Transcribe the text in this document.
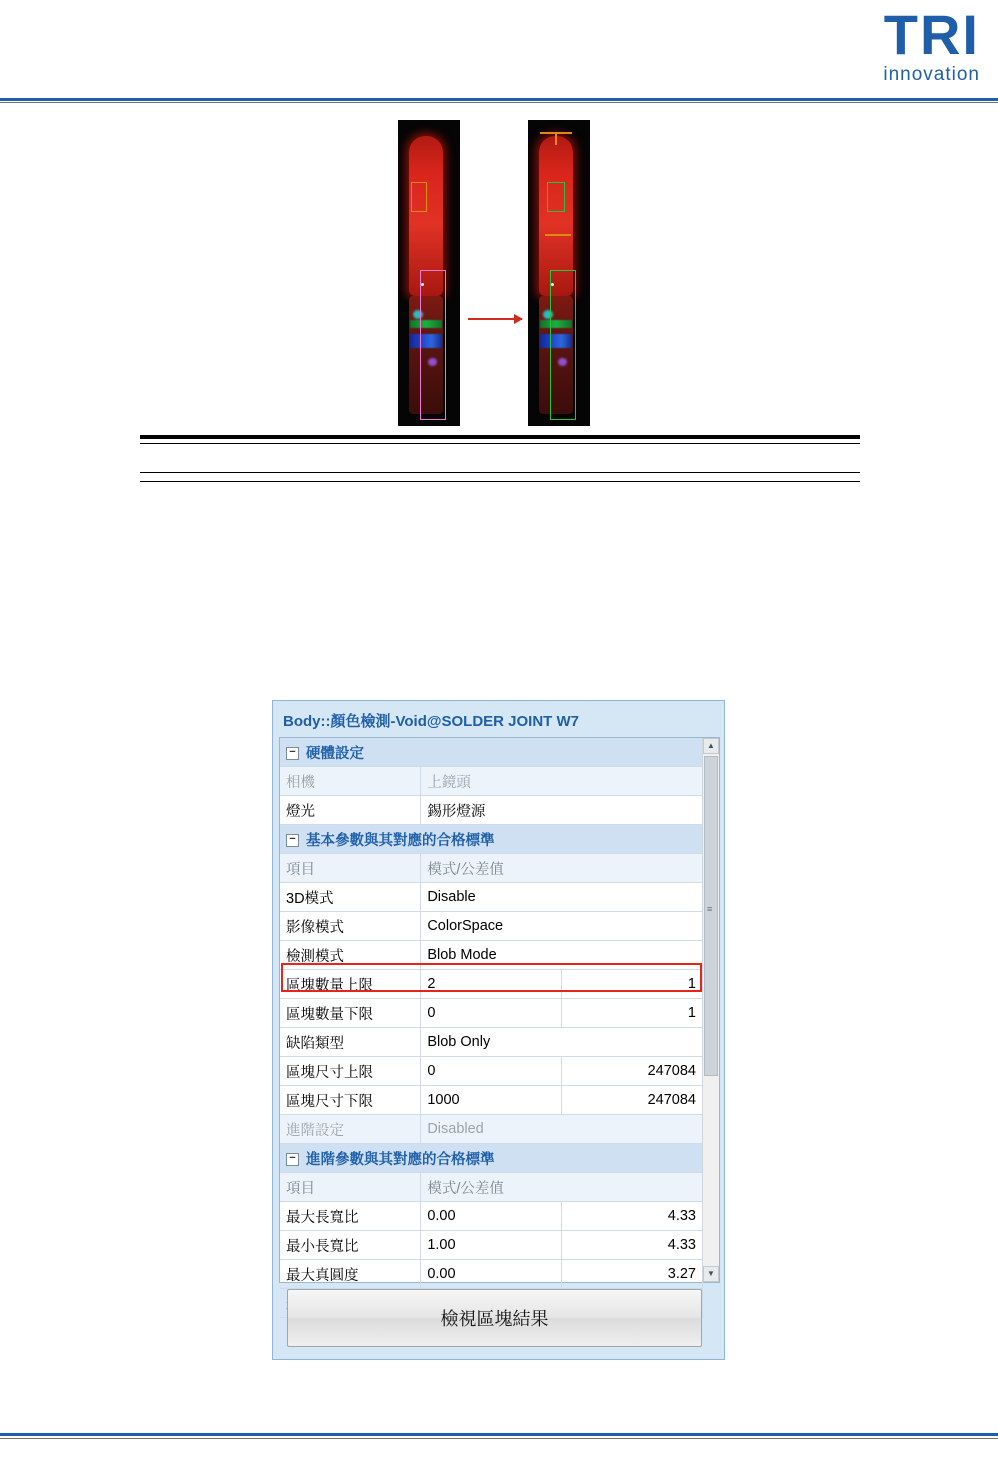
TRI
innovation
Body::顏色檢測-Void@SOLDER JOINT W7
− 硬體設定		
相機	上鏡頭	
燈光	錫形燈源	
− 基本參數與其對應的合格標準		
項目	模式/公差值	
3D模式	Disable	
影像模式	ColorSpace	
檢測模式	Blob Mode	
區塊數量上限	2	1
區塊數量下限	0	1
缺陷類型	Blob Only	
區塊尺寸上限	0	247084
區塊尺寸下限	1000	247084
進階設定	Disabled	
− 進階參數與其對應的合格標準		
項目	模式/公差值	
最大長寬比	0.00	4.33
最小長寬比	1.00	4.33
最大真圓度	0.00	3.27

▲
≡
▼
檢視區塊結果
